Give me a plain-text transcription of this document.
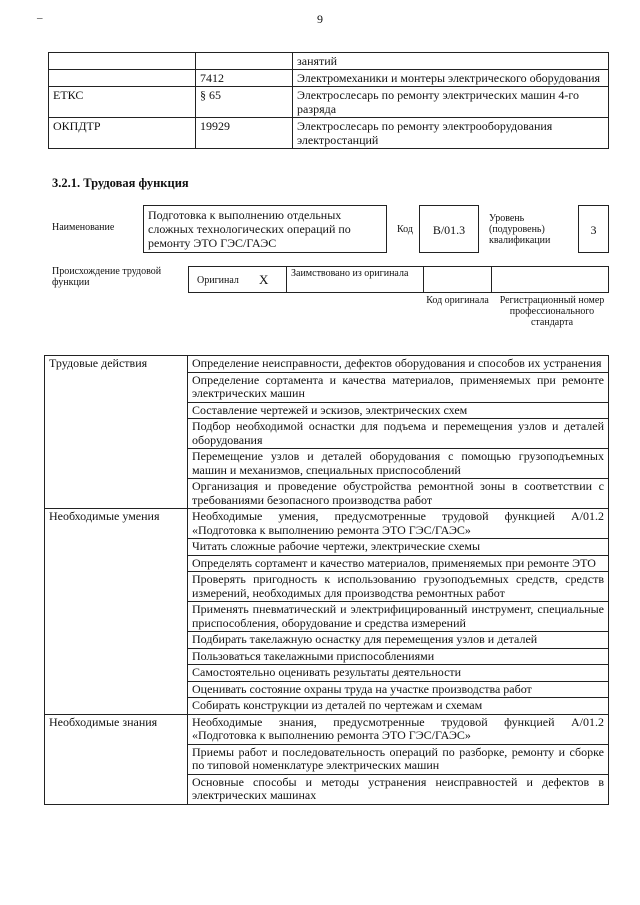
–	9
		занятий
	7412	Электромеханики и монтеры электрического оборудования
ЕТКС	§ 65	Электрослесарь по ремонту электрических машин 4-го разряда
ОКПДТР	19929	Электрослесарь по ремонту электрооборудования электростанций
3.2.1. Трудовая функция
Наименование
Подготовка к выполнению отдельных сложных технологических операций по ремонту ЭТО ГЭС/ГАЭС
Код	B/01.3
Уровень (подуровень) квалификации
3
Происхождение трудовой функции	Оригинал X	Заимствовано из оригинала
Код оригинала	Регистрационный номер профессионального стандарта
Трудовые действия	Определение неисправности, дефектов оборудования и способов их устранения
	Определение сортамента и качества материалов, применяемых при ремонте электрических машин
	Составление чертежей и эскизов, электрических схем
	Подбор необходимой оснастки для подъема и перемещения узлов и деталей оборудования
	Перемещение узлов и деталей оборудования с помощью грузоподъемных машин и механизмов, специальных приспособлений
	Организация и проведение обустройства ремонтной зоны в соответствии с требованиями безопасного производства работ
Необходимые умения	Необходимые умения, предусмотренные трудовой функцией A/01.2 «Подготовка к выполнению ремонта ЭТО ГЭС/ГАЭС»
	Читать сложные рабочие чертежи, электрические схемы
	Определять сортамент и качество материалов, применяемых при ремонте ЭТО
	Проверять пригодность к использованию грузоподъемных средств, средств измерений, необходимых для производства ремонтных работ
	Применять пневматический и электрифицированный инструмент, специальные приспособления, оборудование и средства измерений
	Подбирать такелажную оснастку для перемещения узлов и деталей
	Пользоваться такелажными приспособлениями
	Самостоятельно оценивать результаты деятельности
	Оценивать состояние охраны труда на участке производства работ
	Собирать конструкции из деталей по чертежам и схемам
Необходимые знания	Необходимые знания, предусмотренные трудовой функцией A/01.2 «Подготовка к выполнению ремонта ЭТО ГЭС/ГАЭС»
	Приемы работ и последовательность операций по разборке, ремонту и сборке по типовой номенклатуре электрических машин
	Основные способы и методы устранения неисправностей и дефектов в электрических машинах
